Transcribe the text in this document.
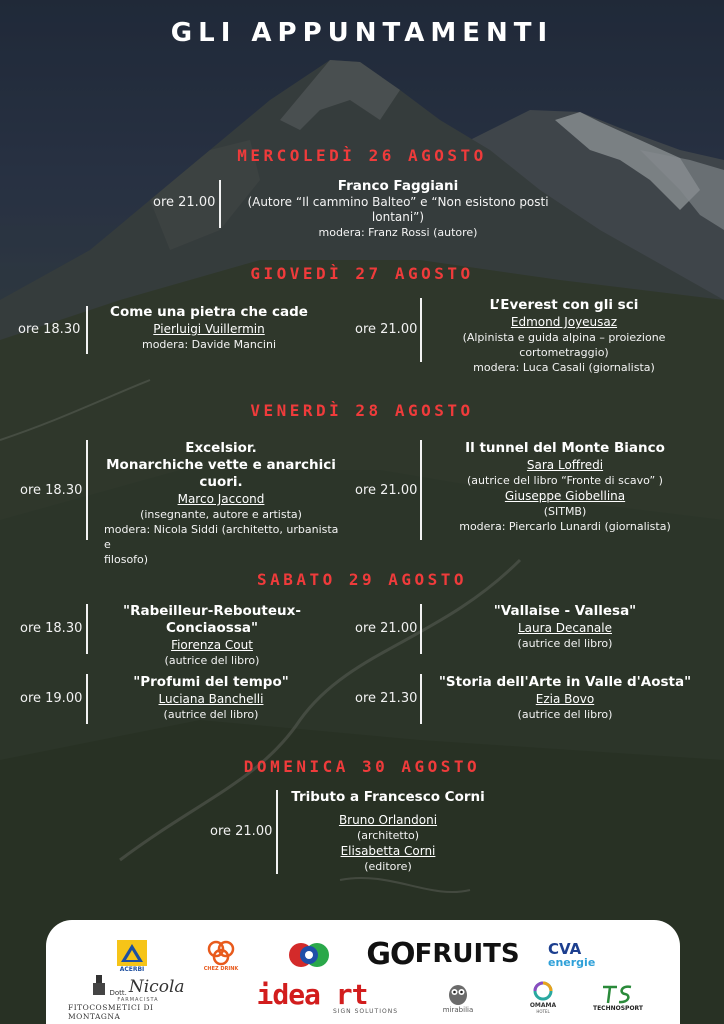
GLI APPUNTAMENTI
MERCOLEDÌ 26 AGOSTO
ore 21.00
Franco Faggiani
(Autore “Il cammino Balteo” e “Non esistono posti lontani”)
modera: Franz Rossi (autore)
GIOVEDÌ 27 AGOSTO
ore 18.30
Come una pietra che cade
Pierluigi Vuillermin
modera: Davide Mancini
ore 21.00
L’Everest con gli sci
Edmond Joyeusaz
(Alpinista e guida alpina – proiezione cortometraggio)
modera: Luca Casali (giornalista)
VENERDÌ 28 AGOSTO
ore 18.30
Excelsior.
Monarchiche vette e anarchici cuori.
Marco Jaccond
(insegnante, autore e artista)
modera: Nicola Siddi (architetto, urbanista e
filosofo)
ore 21.00
Il tunnel del Monte Bianco
Sara Loffredi
(autrice del libro “Fronte di scavo” )
Giuseppe Giobellina
(SITMB)
modera: Piercarlo Lunardi (giornalista)
SABATO 29 AGOSTO
ore 18.30
"Rabeilleur-Rebouteux-Conciaossa"
Fiorenza Cout
(autrice del libro)
ore 21.00
"Vallaise - Vallesa"
Laura Decanale
(autrice del libro)
ore 19.00
"Profumi del tempo"
Luciana Banchelli
(autrice del libro)
ore 21.30
"Storia dell'Arte in Valle d'Aosta"
Ezia Bovo
(autrice del libro)
DOMENICA 30 AGOSTO
ore 21.00
Tributo a Francesco Corni
Bruno Orlandoni
(architetto)
Elisabetta Corni
(editore)
ACERBI	CHEZ DRINK	GO FRUITS CVA
energie
Dott. Nicola
FARMACISTA
FITOCOSMETICI DI MONTAGNA
idea rt
SIGN SOLUTIONS	mirabilia
OMAMA
HOTEL	TECHNOSPORT
